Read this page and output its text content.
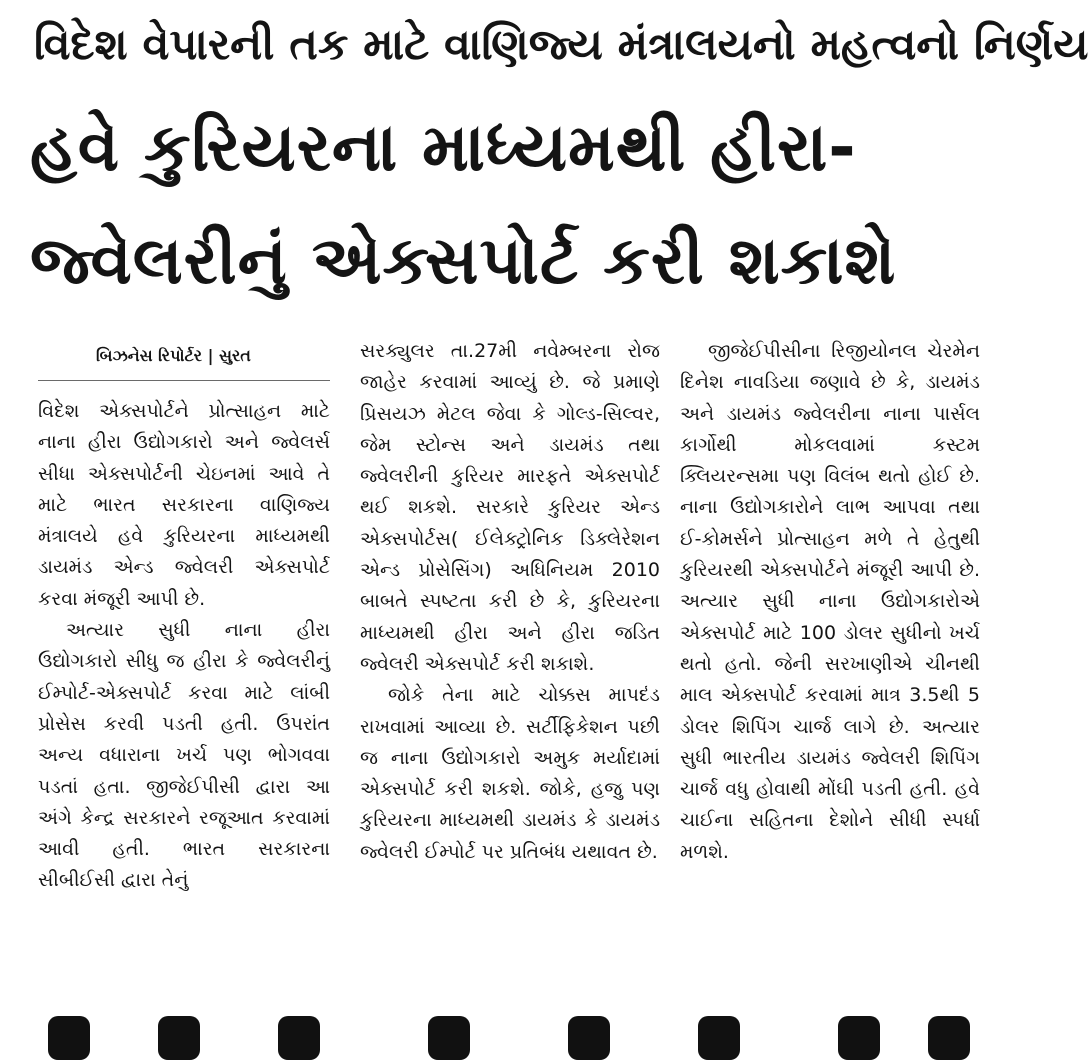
વિદેશ વેપારની તક માટે વાણિજ્ય મંત્રાલયનો મહત્વનો નિર્ણય
હવે કુરિયરના માધ્યમથી હીરા-
જ્વેલરીનું એક્સપોર્ટ કરી શકાશે
બિઝનેસ રિપોર્ટર | સુરત

વિદેશ એક્સપોર્ટને પ્રોત્સાહન માટે નાના હીરા ઉદ્યોગકારો અને જ્વેલર્સ સીધા એક્સપોર્ટની ચેઇનમાં આવે તે માટે ભારત સરકારના વાણિજ્ય મંત્રાલયે હવે કુરિયરના માધ્યમથી ડાયમંડ એન્ડ જ્વેલરી એક્સપોર્ટ કરવા મંજૂરી આપી છે.

અત્યાર સુધી નાના હીરા ઉદ્યોગકારો સીધુ જ હીરા કે જ્વેલરીનું ઈમ્પોર્ટ-એક્સપોર્ટ કરવા માટે લાંબી પ્રોસેસ કરવી પડતી હતી. ઉપરાંત અન્ય વધારાના ખર્ચ પણ ભોગવવા પડતાં હતા. જીજેઈપીસી દ્વારા આ અંગે કેન્દ્ર સરકારને રજૂઆત કરવામાં આવી હતી. ભારત સરકારના સીબીઈસી દ્વારા તેનું

સરક્યુલર તા.27મી નવેમ્બરના રોજ જાહેર કરવામાં આવ્યું છે. જે પ્રમાણે પ્રિસયઝ મેટલ જેવા કે ગોલ્ડ-સિલ્વર, જેમ સ્ટોન્સ અને ડાયમંડ તથા જ્વેલરીની કુરિયર મારફતે એક્સપોર્ટ થઈ શકશે. સરકારે કુરિયર એન્ડ એક્સપોર્ટસ( ઈલેક્ટ્રોનિક ડિક્લેરેશન એન્ડ પ્રોસેસિંગ) અધિનિયમ 2010 બાબતે સ્પષ્ટતા કરી છે કે, કુરિયરના માધ્યમથી હીરા અને હીરા જડિત જ્વેલરી એક્સપોર્ટ કરી શકાશે.

જોકે તેના માટે ચોક્કસ માપદંડ રાખવામાં આવ્યા છે. સર્ટીફિકેશન પછી જ નાના ઉદ્યોગકારો અમુક મર્યાદામાં એક્સપોર્ટ કરી શકશે. જોકે, હજુ પણ કુરિયરના માધ્યમથી ડાયમંડ કે ડાયમંડ જ્વેલરી ઈમ્પોર્ટ પર પ્રતિબંધ યથાવત છે.

જીજેઈપીસીના રિજીયોનલ ચેરમેન દિનેશ નાવડિયા જણાવે છે કે, ડાયમંડ અને ડાયમંડ જ્વેલરીના નાના પાર્સલ કાર્ગોથી મોકલવામાં કસ્ટમ ક્લિયરન્સમા પણ વિલંબ થતો હોઈ છે. નાના ઉદ્યોગકારોને લાભ આપવા તથા ઈ-કોમર્સને પ્રોત્સાહન મળે તે હેતુથી કુરિયરથી એક્સપોર્ટને મંજૂરી આપી છે. અત્યાર સુધી નાના ઉદ્યોગકારોએ એક્સપોર્ટ માટે 100 ડોલર સુધીનો ખર્ચ થતો હતો. જેની સરખાણીએ ચીનથી માલ એક્સપોર્ટ કરવામાં માત્ર 3.5થી 5 ડોલર શિપિંગ ચાર્જ લાગે છે. અત્યાર સુધી ભારતીય ડાયમંડ જ્વેલરી શિપિંગ ચાર્જ વધુ હોવાથી મોંઘી પડતી હતી. હવે ચાઈના સહિતના દેશોને સીધી સ્પર્ધા મળશે.
